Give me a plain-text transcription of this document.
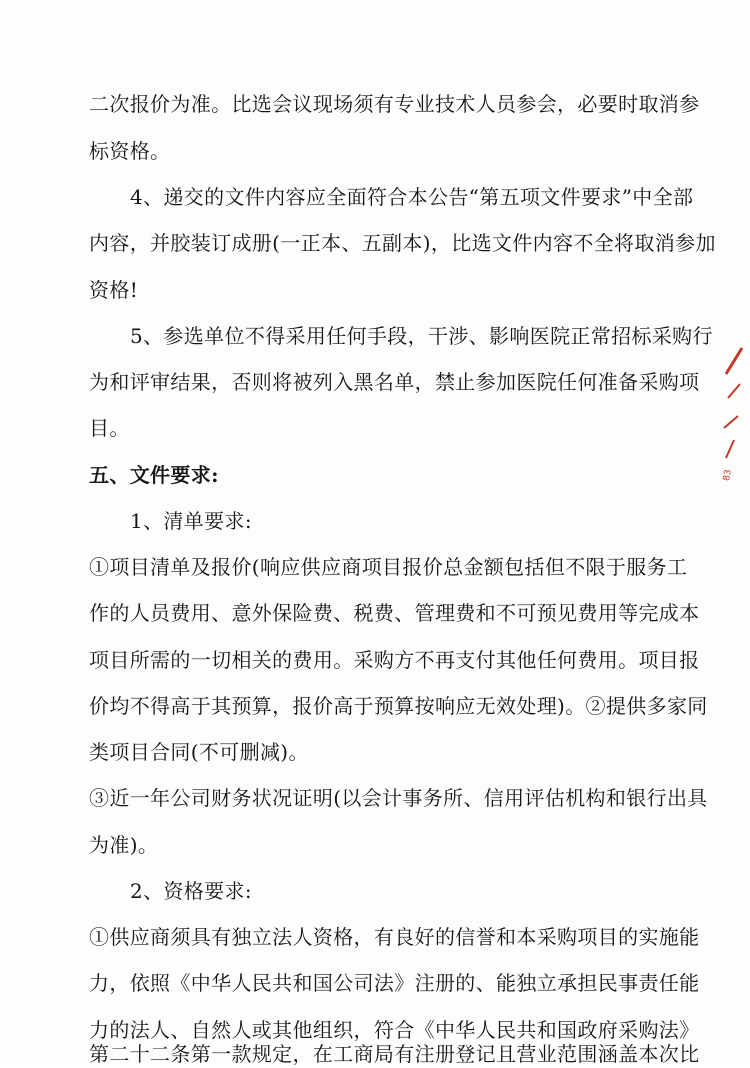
二次报价为准。比选会议现场须有专业技术人员参会，必要时取消参
标资格。
4、递交的文件内容应全面符合本公告“第五项文件要求”中全部
内容，并胶装订成册(一正本、五副本)，比选文件内容不全将取消参加
资格!
5、参选单位不得采用任何手段，干涉、影响医院正常招标采购行
为和评审结果，否则将被列入黑名单，禁止参加医院任何准备采购项
目。
五、文件要求:
1、清单要求:
①项目清单及报价(响应供应商项目报价总金额包括但不限于服务工
作的人员费用、意外保险费、税费、管理费和不可预见费用等完成本
项目所需的一切相关的费用。采购方不再支付其他任何费用。项目报
价均不得高于其预算，报价高于预算按响应无效处理)。②提供多家同
类项目合同(不可删减)。
③近一年公司财务状况证明(以会计事务所、信用评估机构和银行出具
为准)。
2、资格要求:
①供应商须具有独立法人资格，有良好的信誉和本采购项目的实施能
力，依照《中华人民共和国公司法》注册的、能独立承担民事责任能
力的法人、自然人或其他组织，符合《中华人民共和国政府采购法》
第二十二条第一款规定，在工商局有注册登记且营业范围涵盖本次比
83
